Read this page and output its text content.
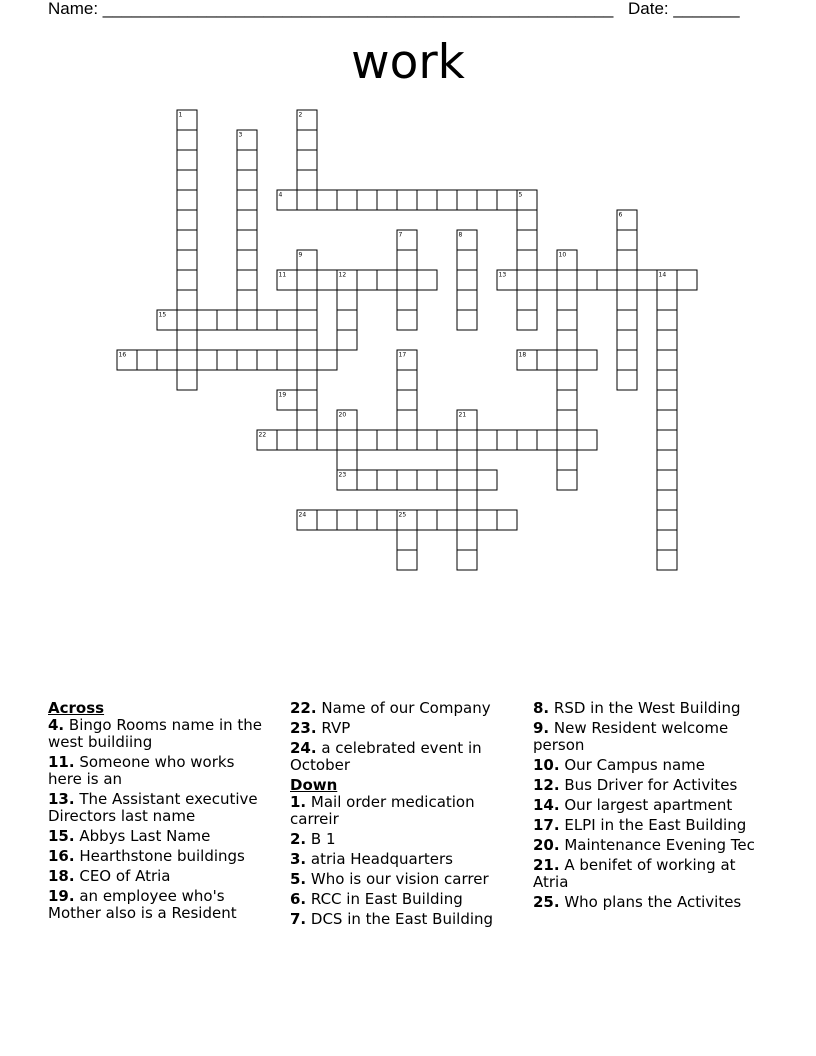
Name: ______________________________________________________ Date: _______
work
1	2
3
4	5
6
7	8
9	10
11	12	13	14
15
16	17	18
19
20	21
22
23
24	25
Across
4. Bingo Rooms name in the west buildiing
11. Someone who works here is an
13. The Assistant executive Directors last name
15. Abbys Last Name
16. Hearthstone buildings
18. CEO of Atria
19. an employee who's Mother also is a Resident
22. Name of our Company
23. RVP
24. a celebrated event in October
Down
1. Mail order medication carreir
2. B 1
3. atria Headquarters
5. Who is our vision carrer
6. RCC in East Building
7. DCS in the East Building
8. RSD in the West Building
9. New Resident welcome person
10. Our Campus name
12. Bus Driver for Activites
14. Our largest apartment
17. ELPI in the East Building
20. Maintenance Evening Tec
21. A benifet of working at Atria
25. Who plans the Activites
